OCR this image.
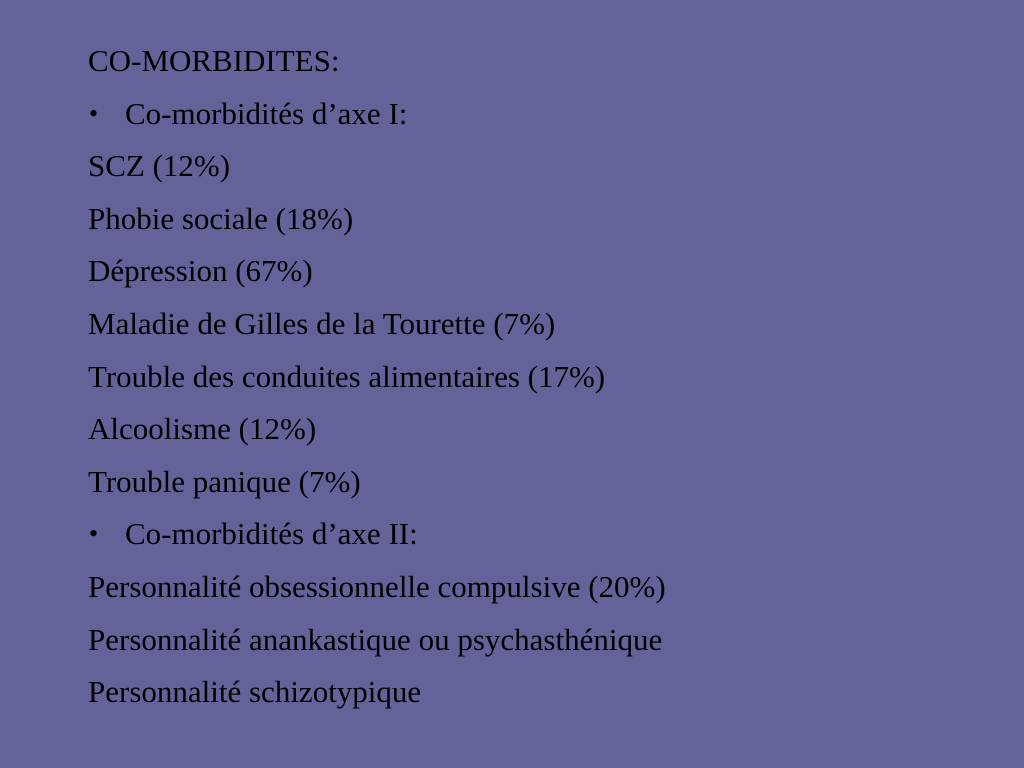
CO-MORBIDITES:
• Co-morbidités d’axe I:
SCZ (12%)
Phobie sociale (18%)
Dépression (67%)
Maladie de Gilles de la Tourette (7%)
Trouble des conduites alimentaires (17%)
Alcoolisme (12%)
Trouble panique (7%)
• Co-morbidités d’axe II:
Personnalité obsessionnelle compulsive (20%)
Personnalité anankastique ou psychasthénique
Personnalité schizotypique
